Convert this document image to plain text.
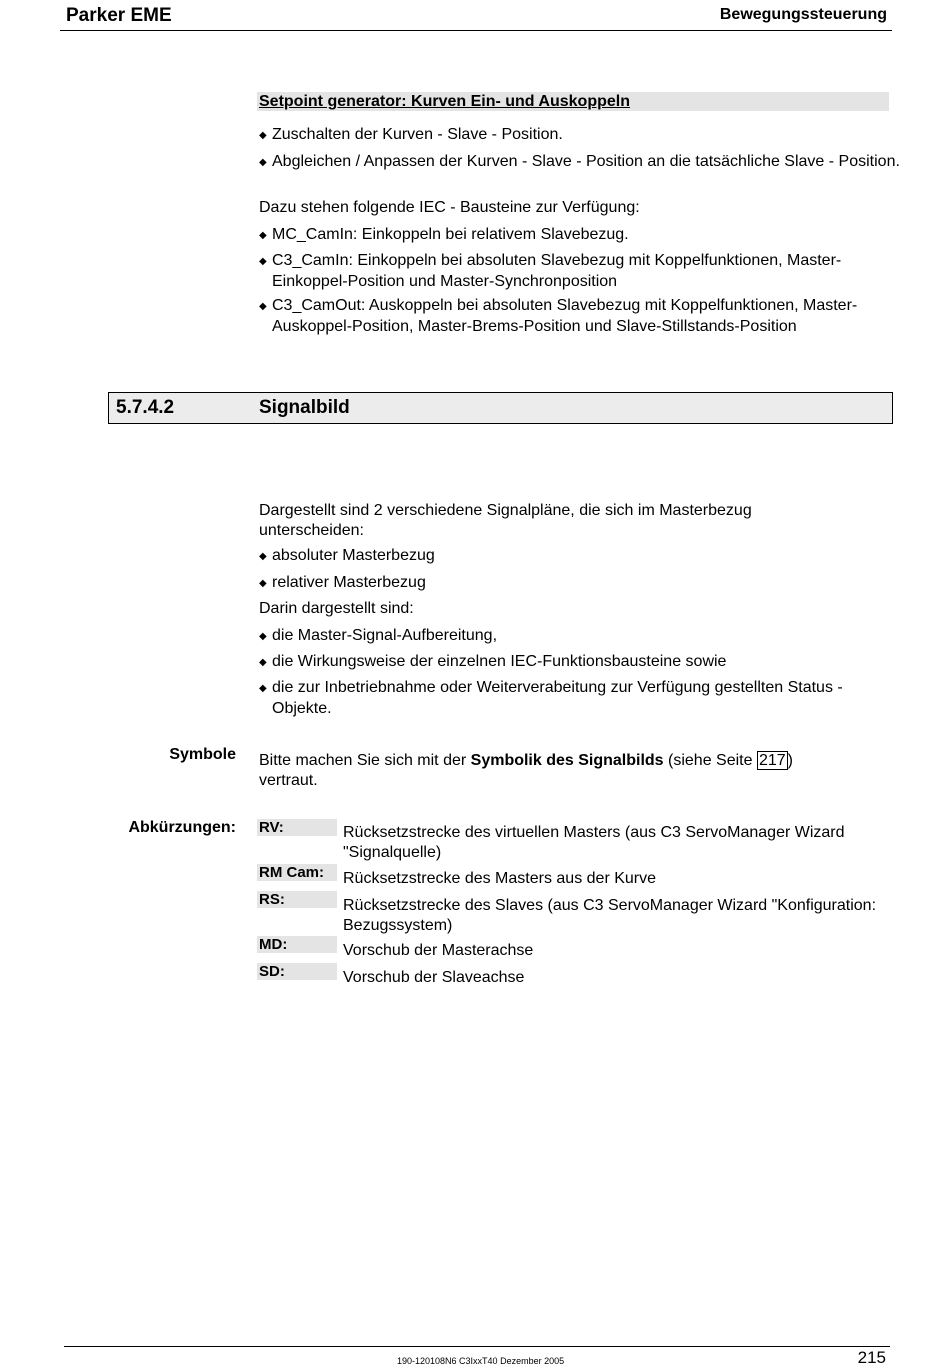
Parker EME	Bewegungssteuerung
Setpoint generator: Kurven Ein- und Auskoppeln
◆ Zuschalten der Kurven - Slave - Position.
◆ Abgleichen / Anpassen der Kurven - Slave - Position an die tatsächliche Slave - Position.
Dazu stehen folgende IEC - Bausteine zur Verfügung:
◆ MC_CamIn: Einkoppeln bei relativem Slavebezug.
◆ C3_CamIn: Einkoppeln bei absoluten Slavebezug mit Koppelfunktionen, Master-Einkoppel-Position und Master-Synchronposition
◆ C3_CamOut: Auskoppeln bei absoluten Slavebezug mit Koppelfunktionen, Master-Auskoppel-Position, Master-Brems-Position und Slave-Stillstands-Position
5.7.4.2	Signalbild
Dargestellt sind 2 verschiedene Signalpläne, die sich im Masterbezug unterscheiden:
◆ absoluter Masterbezug
◆ relativer Masterbezug
Darin dargestellt sind:
◆ die Master-Signal-Aufbereitung,
◆ die Wirkungsweise der einzelnen IEC-Funktionsbausteine sowie
◆ die zur Inbetriebnahme oder Weiterverabeitung zur Verfügung gestellten Status - Objekte.
Symbole Bitte machen Sie sich mit der Symbolik des Signalbilds (siehe Seite 217 ) vertraut.
Abkürzungen: RV:	Rücksetzstrecke des virtuellen Masters (aus C3 ServoManager Wizard "Signalquelle)
RM Cam:	Rücksetzstrecke des Masters aus der Kurve
RS:	Rücksetzstrecke des Slaves (aus C3 ServoManager Wizard "Konfiguration: Bezugssystem)
MD:	Vorschub der Masterachse
SD:	Vorschub der Slaveachse
190-120108N6 C3IxxT40 Dezember 2005	215
